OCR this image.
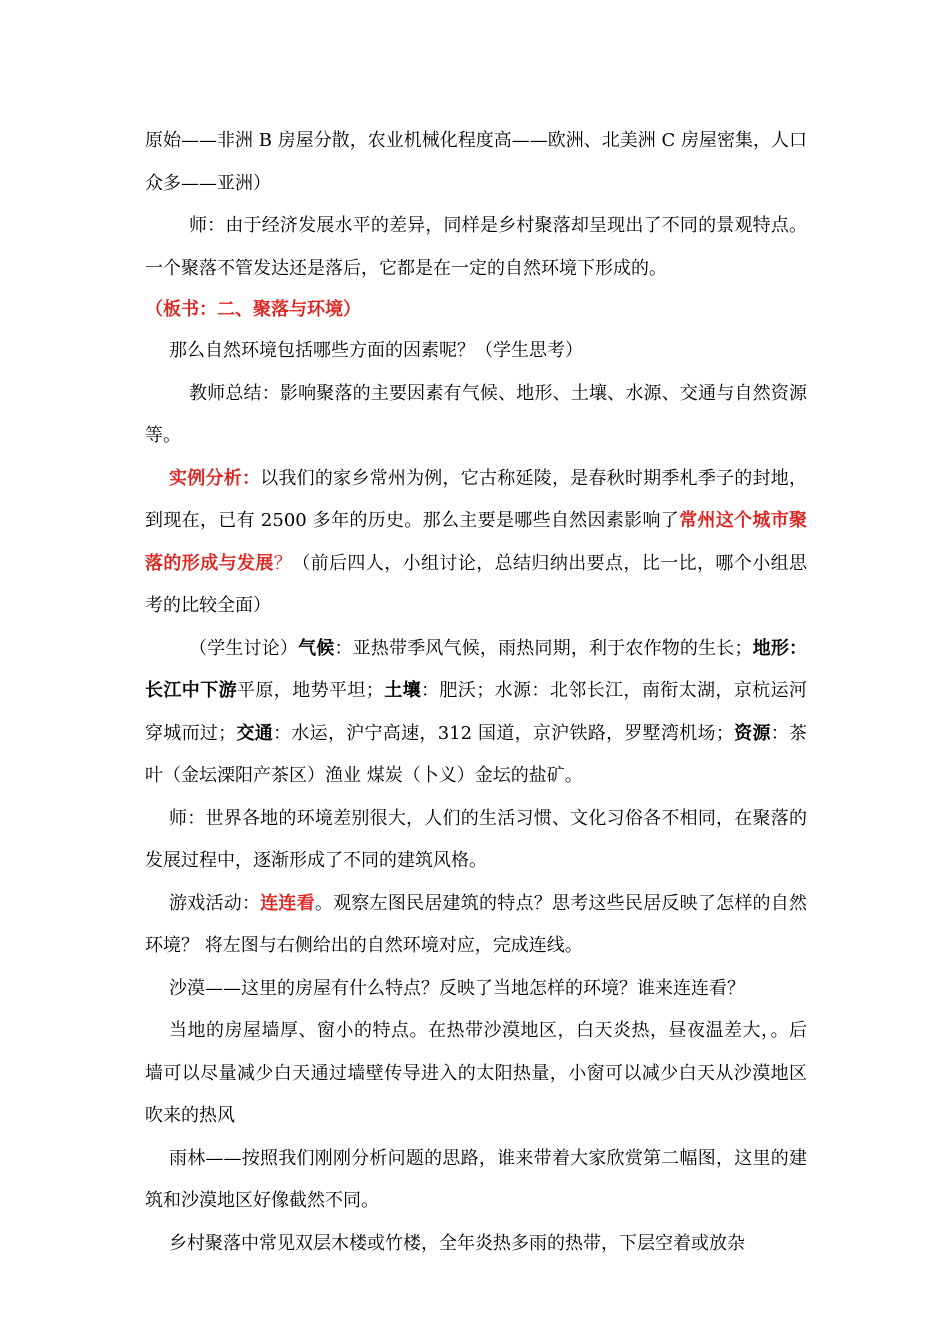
原始——非洲 B 房屋分散，农业机械化程度高——欧洲、北美洲 C 房屋密集，人口众多——亚洲）

师：由于经济发展水平的差异，同样是乡村聚落却呈现出了不同的景观特点。一个聚落不管发达还是落后，它都是在一定的自然环境下形成的。

（板书：二、聚落与环境）

那么自然环境包括哪些方面的因素呢？（学生思考）

教师总结：影响聚落的主要因素有气候、地形、土壤、水源、交通与自然资源等。

实例分析：以我们的家乡常州为例，它古称延陵，是春秋时期季札季子的封地，到现在，已有 2500 多年的历史。那么主要是哪些自然因素影响了常州这个城市聚落的形成与发展？（前后四人，小组讨论，总结归纳出要点，比一比，哪个小组思考的比较全面）

（学生讨论）气候：亚热带季风气候，雨热同期，利于农作物的生长；地形：长江中下游平原，地势平坦；土壤：肥沃；水源：北邻长江，南衔太湖，京杭运河穿城而过；交通：水运，沪宁高速，312 国道，京沪铁路，罗墅湾机场；资源：茶叶（金坛溧阳产茶区）渔业 煤炭（卜义）金坛的盐矿。

师：世界各地的环境差别很大，人们的生活习惯、文化习俗各不相同，在聚落的发展过程中，逐渐形成了不同的建筑风格。

游戏活动：连连看。观察左图民居建筑的特点？思考这些民居反映了怎样的自然环境？ 将左图与右侧给出的自然环境对应，完成连线。

沙漠——这里的房屋有什么特点？反映了当地怎样的环境？谁来连连看？

当地的房屋墙厚、窗小的特点。在热带沙漠地区，白天炎热，昼夜温差大，。后墙可以尽量减少白天通过墙壁传导进入的太阳热量，小窗可以减少白天从沙漠地区吹来的热风

雨林——按照我们刚刚分析问题的思路，谁来带着大家欣赏第二幅图，这里的建筑和沙漠地区好像截然不同。

乡村聚落中常见双层木楼或竹楼，全年炎热多雨的热带，下层空着或放杂
